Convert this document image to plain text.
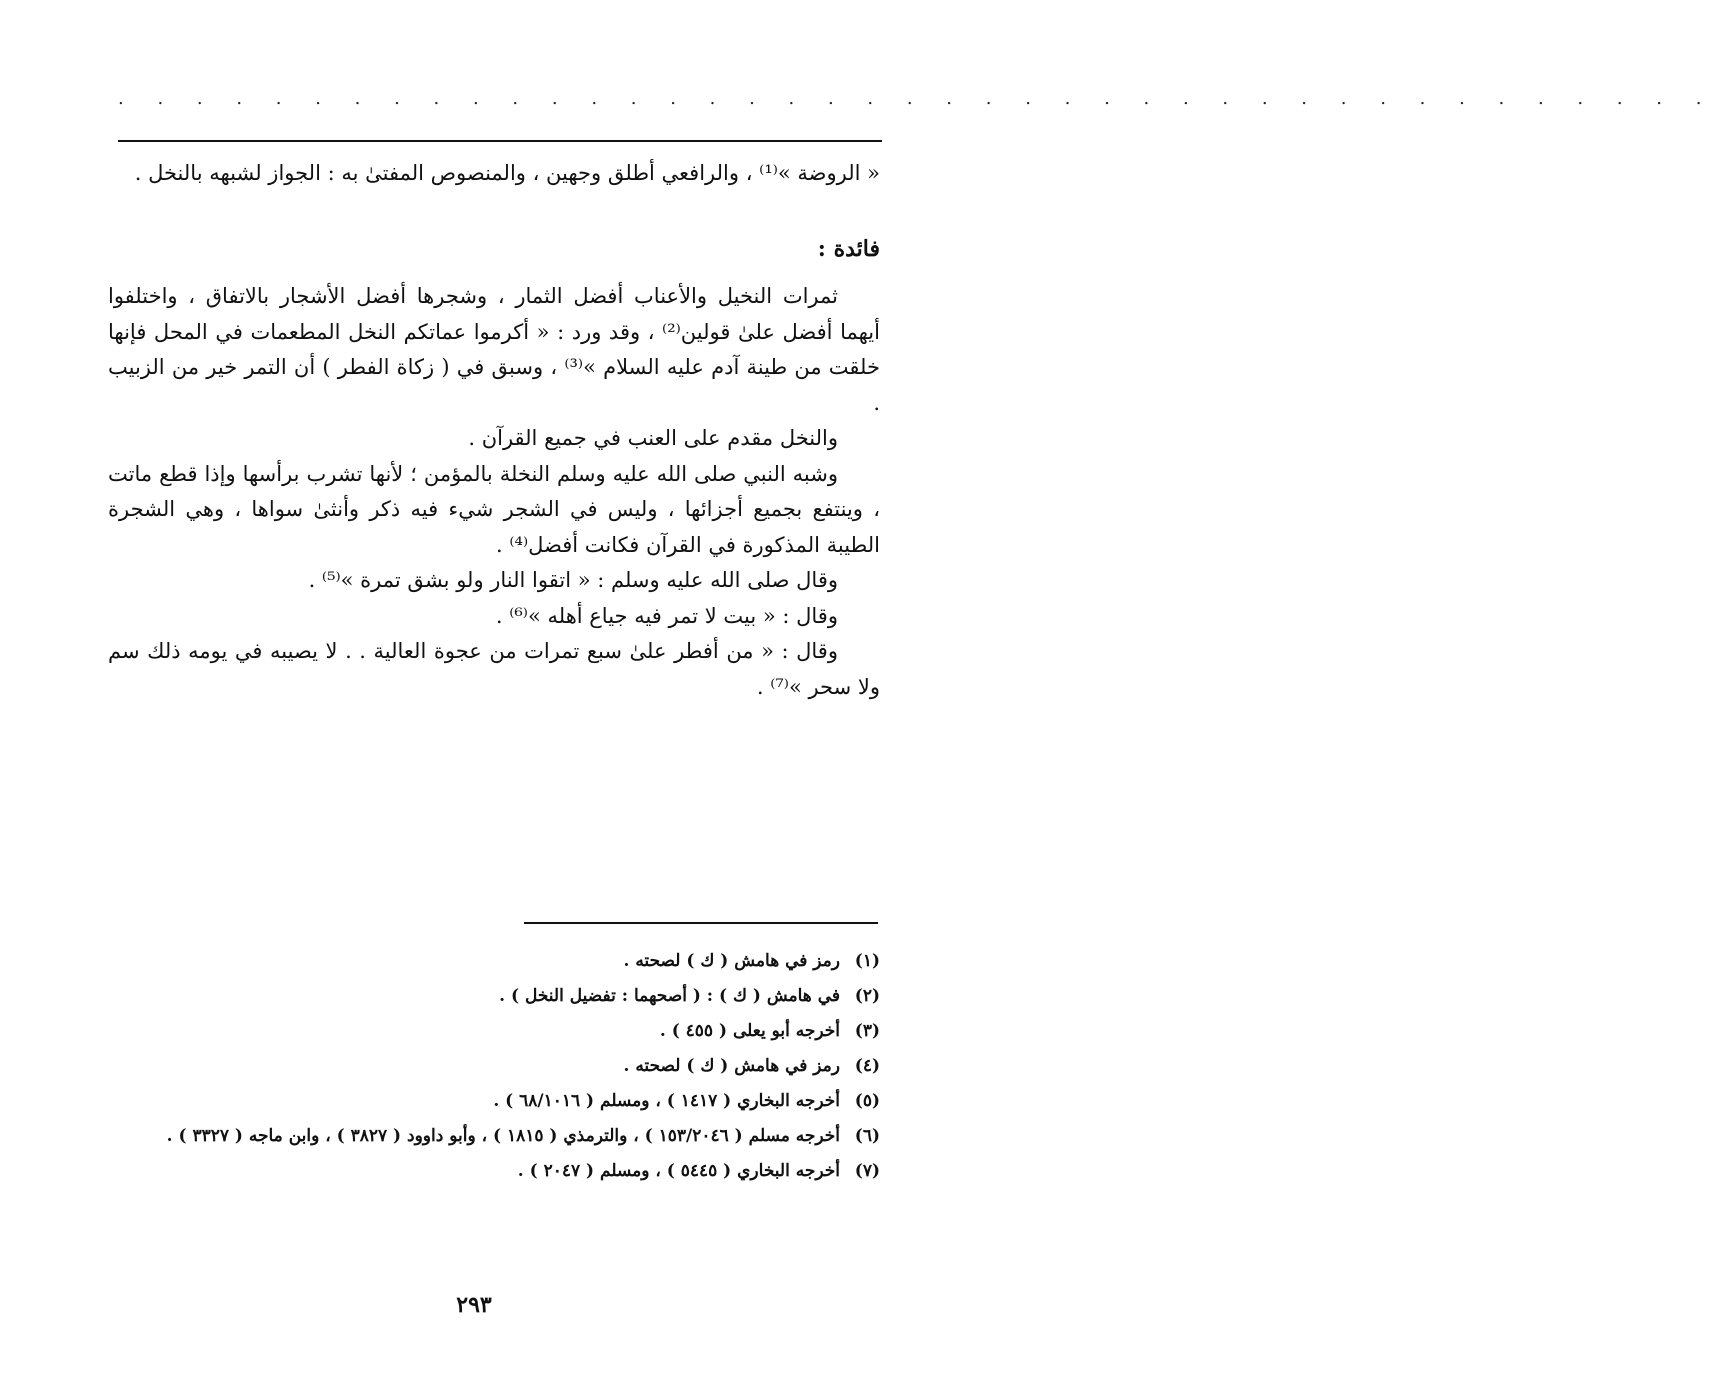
. . . . . . . . . . . . . . . . . . . . . . . . . . . . . . . . . . . . . . . . .

« الروضة »⁽¹⁾ ، والرافعي أطلق وجهين ، والمنصوص المفتىٰ به : الجواز لشبهه بالنخل .

فائدة :

ثمرات النخيل والأعناب أفضل الثمار ، وشجرها أفضل الأشجار بالاتفاق ، واختلفوا أيهما أفضل علىٰ قولين⁽²⁾ ، وقد ورد : « أكرموا عماتكم النخل المطعمات في المحل فإنها خلقت من طينة آدم عليه السلام »⁽³⁾ ، وسبق في ( زكاة الفطر ) أن التمر خير من الزبيب .

والنخل مقدم على العنب في جميع القرآن .

وشبه النبي صلى الله عليه وسلم النخلة بالمؤمن ؛ لأنها تشرب برأسها وإذا قطع ماتت ، وينتفع بجميع أجزائها ، وليس في الشجر شيء فيه ذكر وأنثىٰ سواها ، وهي الشجرة الطيبة المذكورة في القرآن فكانت أفضل⁽⁴⁾ .

وقال صلى الله عليه وسلم : « اتقوا النار ولو بشق تمرة »⁽⁵⁾ .

وقال : « بيت لا تمر فيه جياع أهله »⁽⁶⁾ .

وقال : « من أفطر علىٰ سبع تمرات من عجوة العالية . . لا يصيبه في يومه ذلك سم ولا سحر »⁽⁷⁾ .

(١)
رمز في هامش ( ك ) لصحته .
(٢)
في هامش ( ك ) : ( أصحهما : تفضيل النخل ) .
(٣)
أخرجه أبو يعلى ( ٤٥٥ ) .
(٤)
رمز في هامش ( ك ) لصحته .
(٥)
أخرجه البخاري ( ١٤١٧ ) ، ومسلم ( ٦٨/١٠١٦ ) .
(٦)
أخرجه مسلم ( ١٥٣/٢٠٤٦ ) ، والترمذي ( ١٨١٥ ) ، وأبو داوود ( ٣٨٢٧ ) ، وابن ماجه ( ٣٣٢٧ ) .
(٧)
أخرجه البخاري ( ٥٤٤٥ ) ، ومسلم ( ٢٠٤٧ ) .
٢٩٣
